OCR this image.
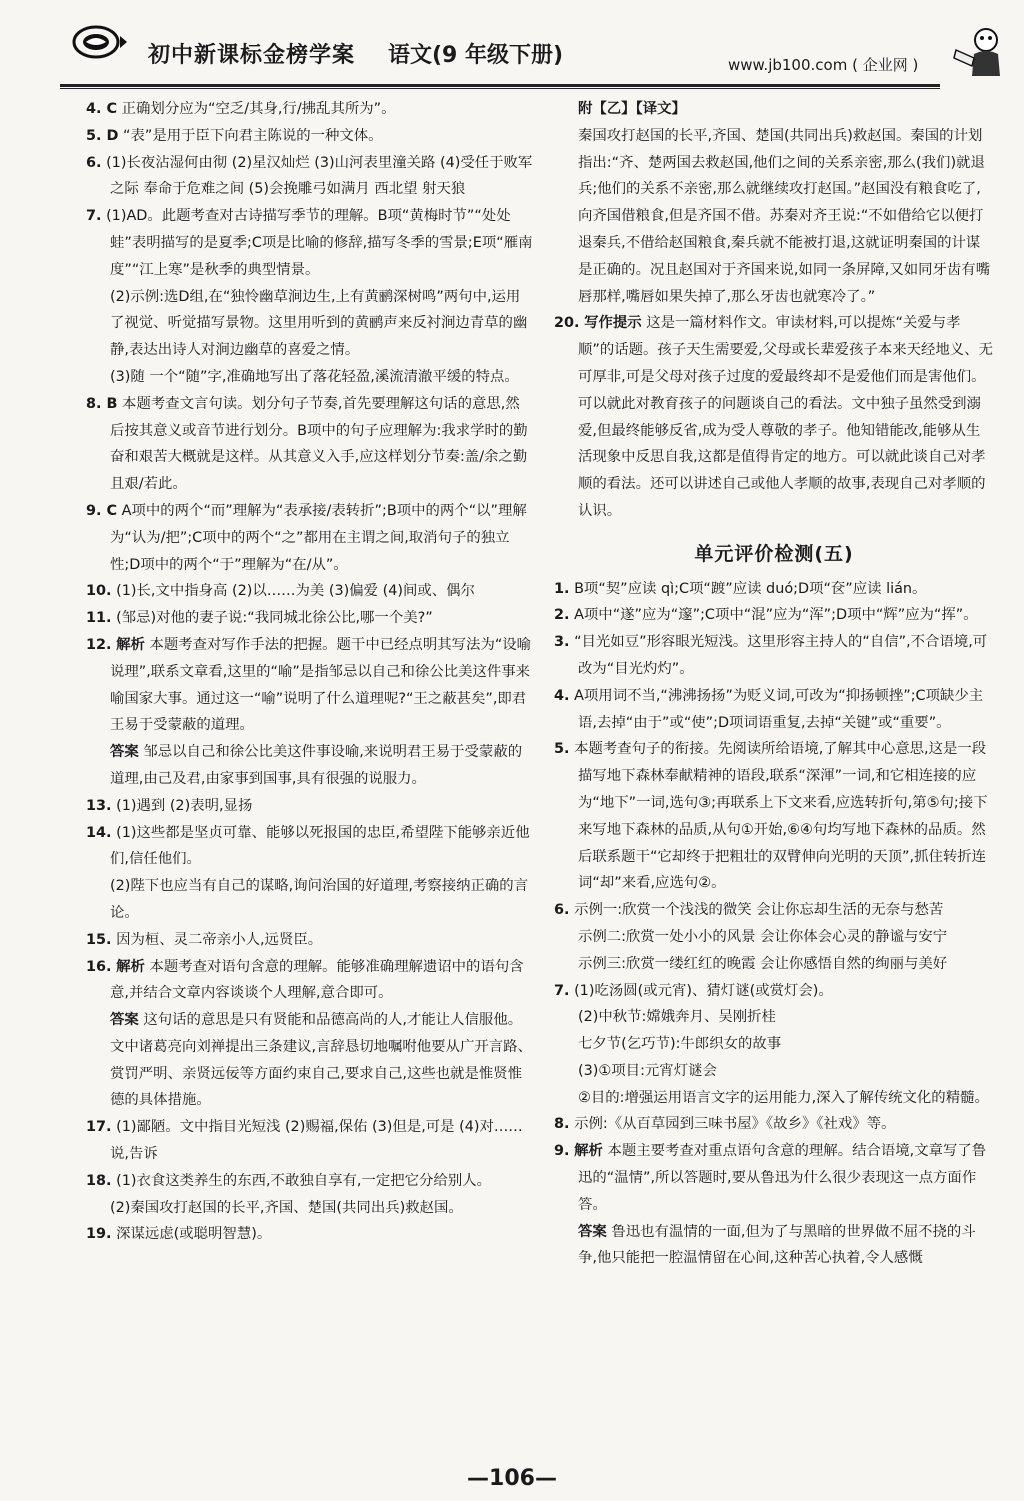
初中新课标金榜学案 语文(9 年级下册)	www.jb100.com ( 企业网 )

4. C 正确划分应为“空乏/其身,行/拂乱其所为”。

5. D “表”是用于臣下向君主陈说的一种文体。

6. (1)长夜沾湿何由彻 (2)星汉灿烂 (3)山河表里潼关路 (4)受任于败军之际 奉命于危难之间 (5)会挽雕弓如满月 西北望 射天狼

7. (1)AD。此题考查对古诗描写季节的理解。B项“黄梅时节”“处处蛙”表明描写的是夏季;C项是比喻的修辞,描写冬季的雪景;E项“雁南度”“江上寒”是秋季的典型情景。

(2)示例:选D组,在“独怜幽草涧边生,上有黄鹂深树鸣”两句中,运用了视觉、听觉描写景物。这里用听到的黄鹂声来反衬涧边青草的幽静,表达出诗人对涧边幽草的喜爱之情。

(3)随 一个“随”字,准确地写出了落花轻盈,溪流清澈平缓的特点。

8. B 本题考查文言句读。划分句子节奏,首先要理解这句话的意思,然后按其意义或音节进行划分。B项中的句子应理解为:我求学时的勤奋和艰苦大概就是这样。从其意义入手,应这样划分节奏:盖/余之勤且艰/若此。

9. C A项中的两个“而”理解为“表承接/表转折”;B项中的两个“以”理解为“认为/把”;C项中的两个“之”都用在主谓之间,取消句子的独立性;D项中的两个“于”理解为“在/从”。

10. (1)长,文中指身高 (2)以……为美 (3)偏爱 (4)间或、偶尔

11. (邹忌)对他的妻子说:“我同城北徐公比,哪一个美?”

12. 解析 本题考查对写作手法的把握。题干中已经点明其写法为“设喻说理”,联系文章看,这里的“喻”是指邹忌以自己和徐公比美这件事来喻国家大事。通过这一“喻”说明了什么道理呢?“王之蔽甚矣”,即君王易于受蒙蔽的道理。

答案 邹忌以自己和徐公比美这件事设喻,来说明君王易于受蒙蔽的道理,由己及君,由家事到国事,具有很强的说服力。

13. (1)遇到 (2)表明,显扬

14. (1)这些都是坚贞可靠、能够以死报国的忠臣,希望陛下能够亲近他们,信任他们。

(2)陛下也应当有自己的谋略,询问治国的好道理,考察接纳正确的言论。

15. 因为桓、灵二帝亲小人,远贤臣。

16. 解析 本题考查对语句含意的理解。能够准确理解遗诏中的语句含意,并结合文章内容谈谈个人理解,意合即可。

答案 这句话的意思是只有贤能和品德高尚的人,才能让人信服他。文中诸葛亮向刘禅提出三条建议,言辞恳切地嘱咐他要从广开言路、赏罚严明、亲贤远佞等方面约束自己,要求自己,这些也就是惟贤惟德的具体措施。

17. (1)鄙陋。文中指目光短浅 (2)赐福,保佑 (3)但是,可是 (4)对……说,告诉

18. (1)衣食这类养生的东西,不敢独自享有,一定把它分给别人。

(2)秦国攻打赵国的长平,齐国、楚国(共同出兵)救赵国。

19. 深谋远虑(或聪明智慧)。

附【乙】【译文】

秦国攻打赵国的长平,齐国、楚国(共同出兵)救赵国。秦国的计划指出:“齐、楚两国去救赵国,他们之间的关系亲密,那么(我们)就退兵;他们的关系不亲密,那么就继续攻打赵国。”赵国没有粮食吃了,向齐国借粮食,但是齐国不借。苏秦对齐王说:“不如借给它以便打退秦兵,不借给赵国粮食,秦兵就不能被打退,这就证明秦国的计谋是正确的。况且赵国对于齐国来说,如同一条屏障,又如同牙齿有嘴唇那样,嘴唇如果失掉了,那么牙齿也就寒冷了。”

20. 写作提示 这是一篇材料作文。审读材料,可以提炼“关爱与孝顺”的话题。孩子天生需要爱,父母或长辈爱孩子本来天经地义、无可厚非,可是父母对孩子过度的爱最终却不是爱他们而是害他们。可以就此对教育孩子的问题谈自己的看法。文中独子虽然受到溺爱,但最终能够反省,成为受人尊敬的孝子。他知错能改,能够从生活现象中反思自我,这都是值得肯定的地方。可以就此谈自己对孝顺的看法。还可以讲述自己或他人孝顺的故事,表现自己对孝顺的认识。

单元评价检测(五)

1. B项“契”应读 qì;C项“踱”应读 duó;D项“奁”应读 lián。

2. A项中“遂”应为“邃”;C项中“混”应为“浑”;D项中“辉”应为“挥”。

3. “目光如豆”形容眼光短浅。这里形容主持人的“自信”,不合语境,可改为“目光灼灼”。

4. A项用词不当,“沸沸扬扬”为贬义词,可改为“抑扬顿挫”;C项缺少主语,去掉“由于”或“使”;D项词语重复,去掉“关键”或“重要”。

5. 本题考查句子的衔接。先阅读所给语境,了解其中心意思,这是一段描写地下森林奉献精神的语段,联系“深渾”一词,和它相连接的应为“地下”一词,选句③;再联系上下文来看,应选转折句,第⑤句;接下来写地下森林的品质,从句①开始,⑥④句均写地下森林的品质。然后联系题干“它却终于把粗壮的双臂伸向光明的天顶”,抓住转折连词“却”来看,应选句②。

6. 示例一:欣赏一个浅浅的微笑 会让你忘却生活的无奈与愁苦

示例二:欣赏一处小小的风景 会让你体会心灵的静谧与安宁

示例三:欣赏一缕红红的晚霞 会让你感悟自然的绚丽与美好

7. (1)吃汤圆(或元宵)、猜灯谜(或赏灯会)。

(2)中秋节:嫦娥奔月、吴刚折桂

七夕节(乞巧节):牛郎织女的故事

(3)①项目:元宵灯谜会

②目的:增强运用语言文字的运用能力,深入了解传统文化的精髓。

8. 示例:《从百草园到三味书屋》《故乡》《社戏》等。

9. 解析 本题主要考查对重点语句含意的理解。结合语境,文章写了鲁迅的“温情”,所以答题时,要从鲁迅为什么很少表现这一点方面作答。

答案 鲁迅也有温情的一面,但为了与黑暗的世界做不屈不挠的斗争,他只能把一腔温情留在心间,这种苦心执着,令人感慨

—106—
